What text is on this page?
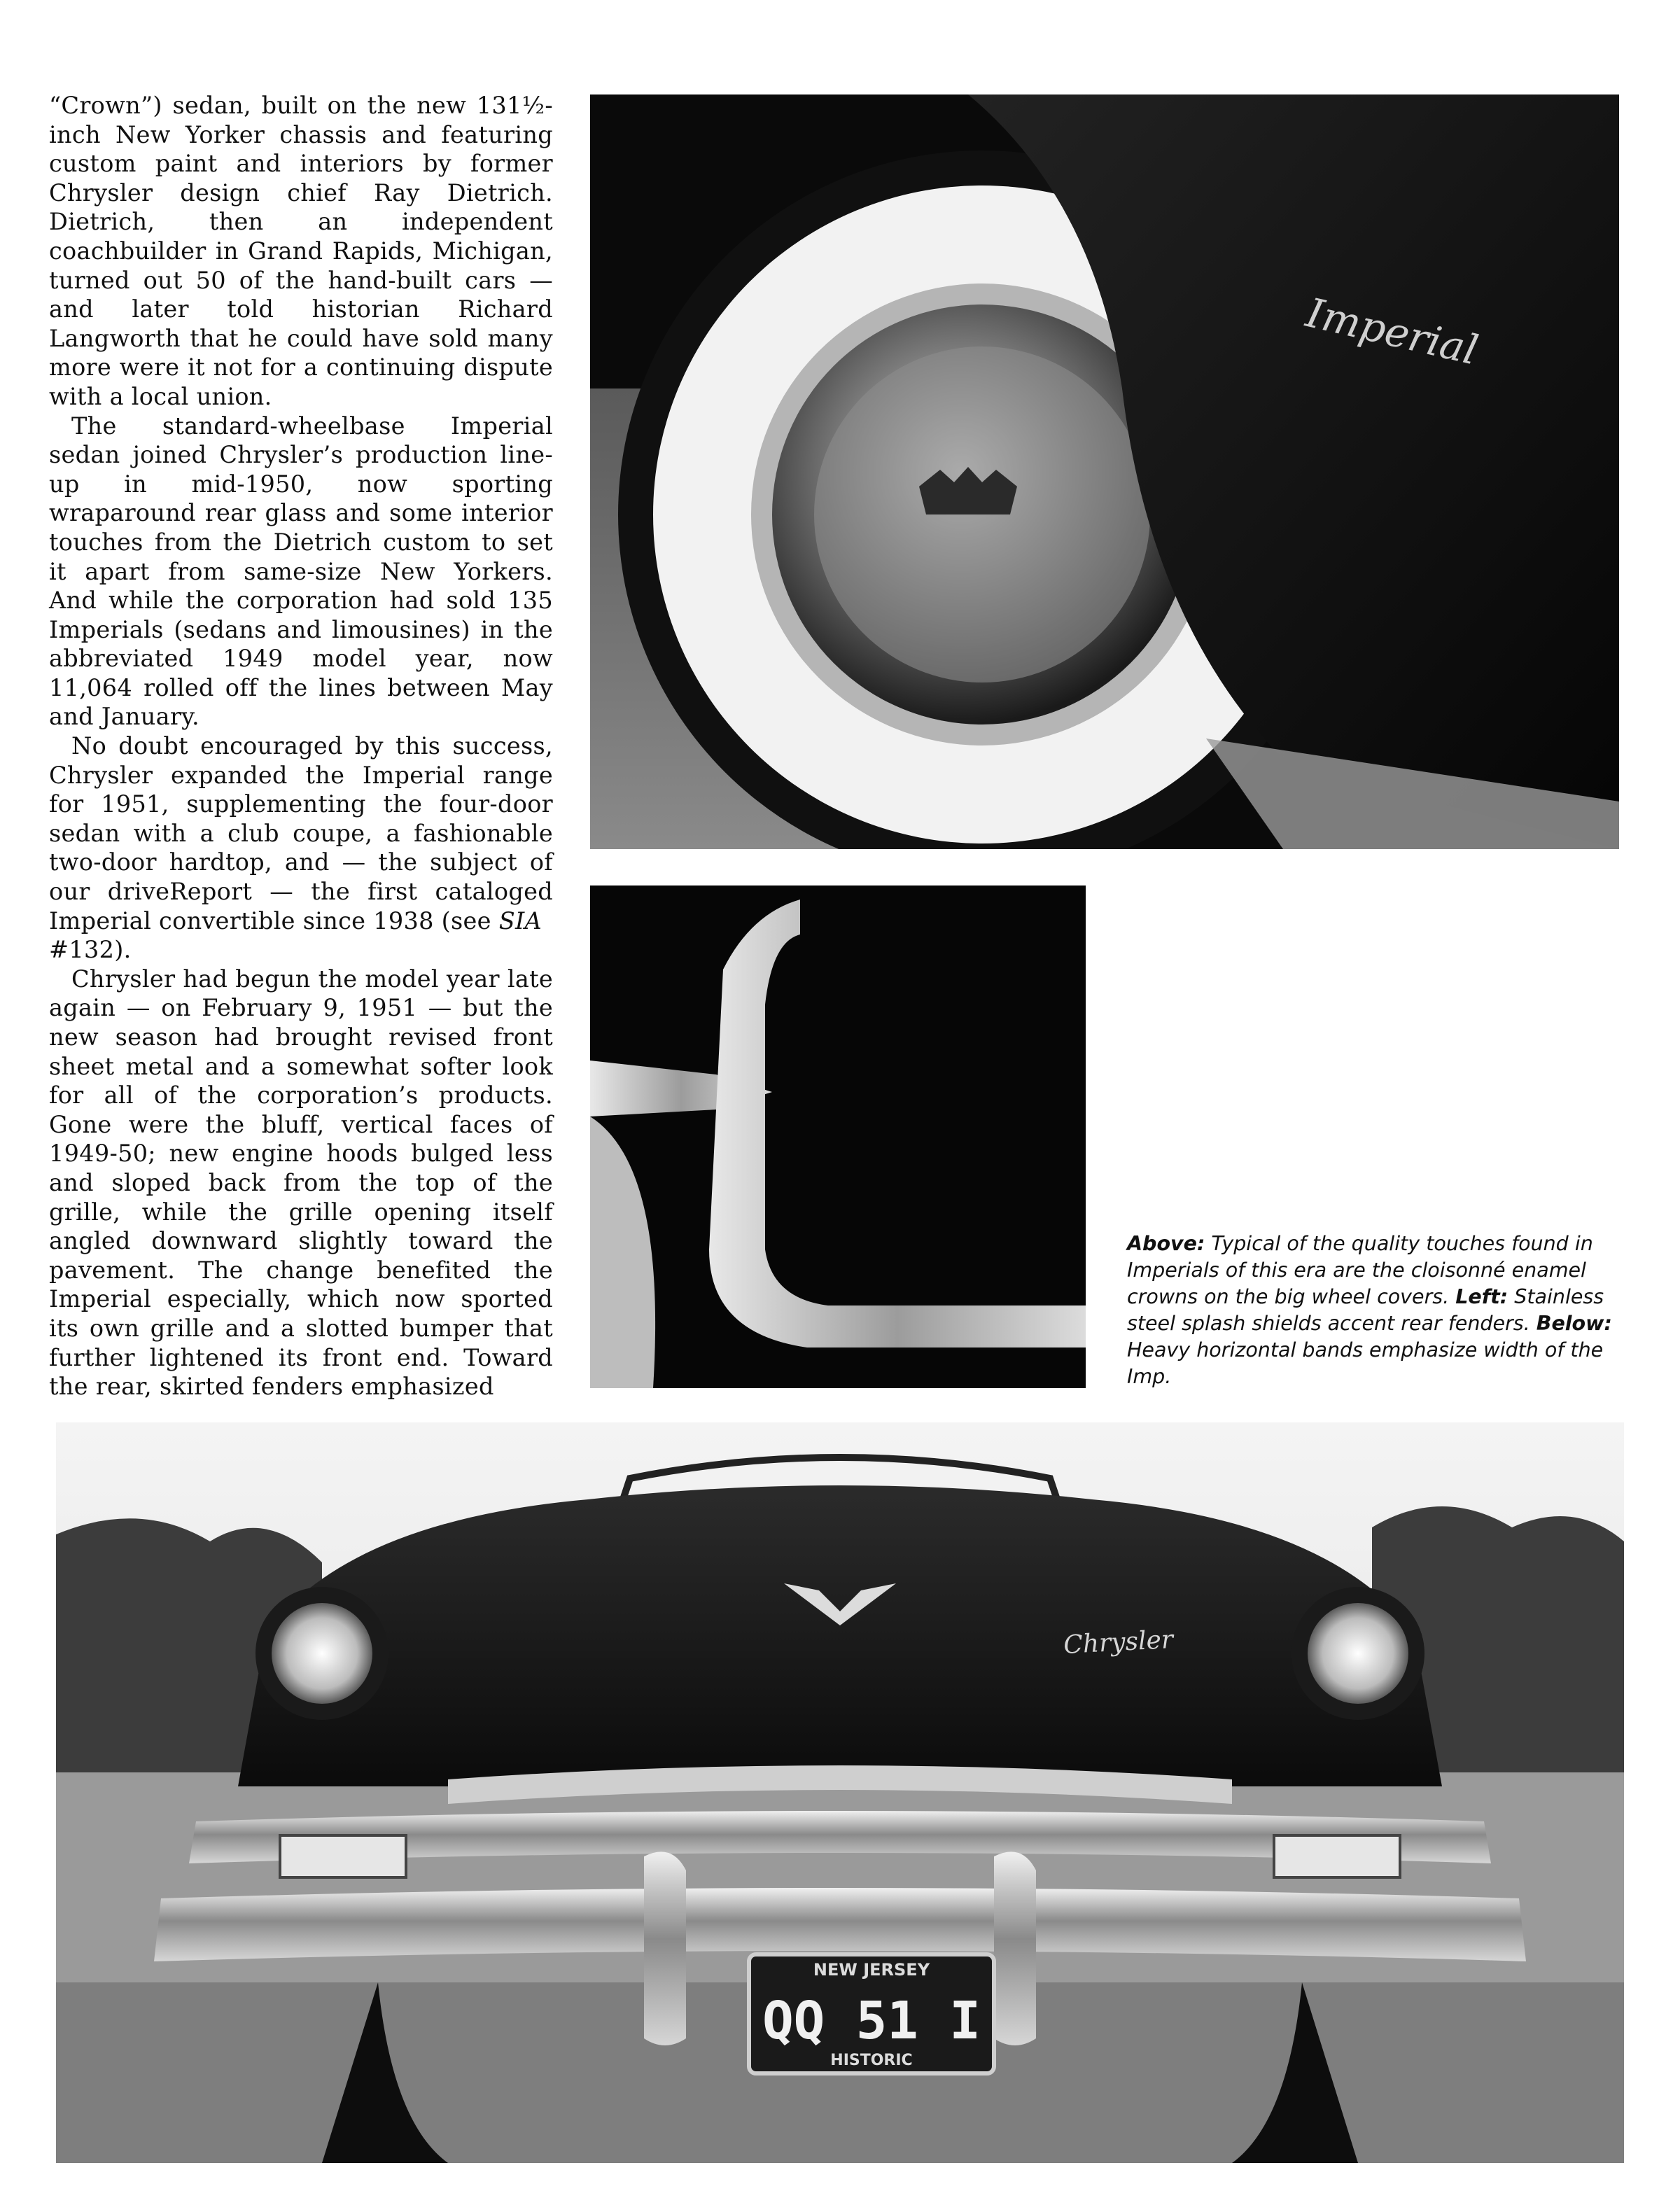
“Crown”) sedan, built on the new 131½-inch New Yorker chassis and featuring custom paint and interiors by former Chrysler design chief Ray Dietrich. Dietrich, then an independent coachbuilder in Grand Rapids, Michigan, turned out 50 of the hand-built cars — and later told historian Richard Langworth that he could have sold many more were it not for a continuing dispute with a local union.

The standard-wheelbase Imperial sedan joined Chrysler’s production line-up in mid-1950, now sporting wraparound rear glass and some interior touches from the Dietrich custom to set it apart from same-size New Yorkers. And while the corporation had sold 135 Imperials (sedans and limousines) in the abbreviated 1949 model year, now 11,064 rolled off the lines between May and January.

No doubt encouraged by this success, Chrysler expanded the Imperial range for 1951, supplementing the four-door sedan with a club coupe, a fashionable two-door hardtop, and — the subject of our driveReport — the first cataloged Imperial convertible since 1938 (see SIA
#132).

Chrysler had begun the model year late again — on February 9, 1951 — but the new season had brought revised front sheet metal and a somewhat softer look for all of the corporation’s products. Gone were the bluff, vertical faces of 1949-50; new engine hoods bulged less and sloped back from the top of the grille, while the grille opening itself angled downward slightly toward the pavement. The change benefited the Imperial especially, which now sported its own grille and a slotted bumper that further lightened its front end. Toward the rear, skirted fenders emphasized

Imperial
Above: Typical of the quality touches found in Imperials of this era are the cloisonné enamel crowns on the big wheel covers. Left: Stainless steel splash shields accent rear fenders. Below: Heavy horizontal bands emphasize width of the Imp.
Chrysler
NEW JERSEY
QQ 51 I
HISTORIC
